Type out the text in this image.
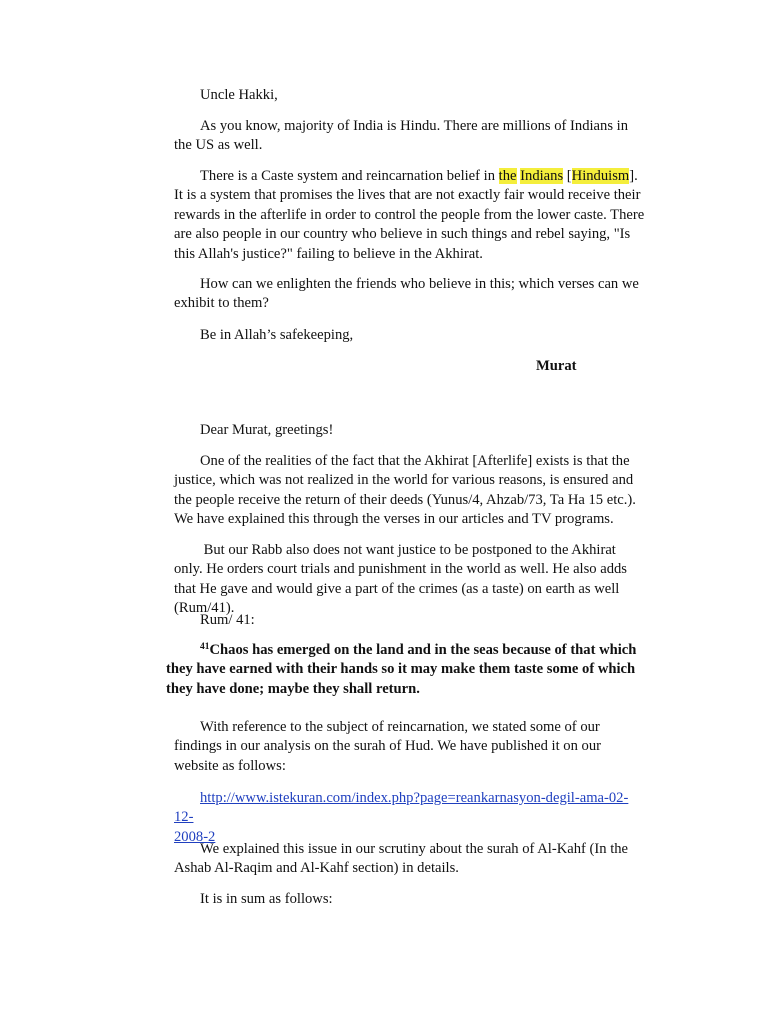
Uncle Hakki,

As you know, majority of India is Hindu. There are millions of Indians in the US as well.

There is a Caste system and reincarnation belief in the Indians [Hinduism]. It is a system that promises the lives that are not exactly fair would receive their rewards in the afterlife in order to control the people from the lower caste. There are also people in our country who believe in such things and rebel saying, "Is this Allah's justice?" failing to believe in the Akhirat.

How can we enlighten the friends who believe in this; which verses can we exhibit to them?

Be in Allah’s safekeeping,

Murat

Dear Murat, greetings!

One of the realities of the fact that the Akhirat [Afterlife] exists is that the justice, which was not realized in the world for various reasons, is ensured and the people receive the return of their deeds (Yunus/4, Ahzab/73, Ta Ha 15 etc.). We have explained this through the verses in our articles and TV programs.

But our Rabb also does not want justice to be postponed to the Akhirat only. He orders court trials and punishment in the world as well. He also adds that He gave and would give a part of the crimes (as a taste) on earth as well (Rum/41).

Rum/ 41:

$^{41}$Chaos has emerged on the land and in the seas because of that which they have earned with their hands so it may make them taste some of which they have done; maybe they shall return.

With reference to the subject of reincarnation, we stated some of our findings in our analysis on the surah of Hud. We have published it on our website as follows:

http://www.istekuran.com/index.php?page=reankarnasyon-degil-ama-02-12-
2008-2

We explained this issue in our scrutiny about the surah of Al-Kahf (In the Ashab Al-Raqim and Al-Kahf section) in details.

It is in sum as follows:
